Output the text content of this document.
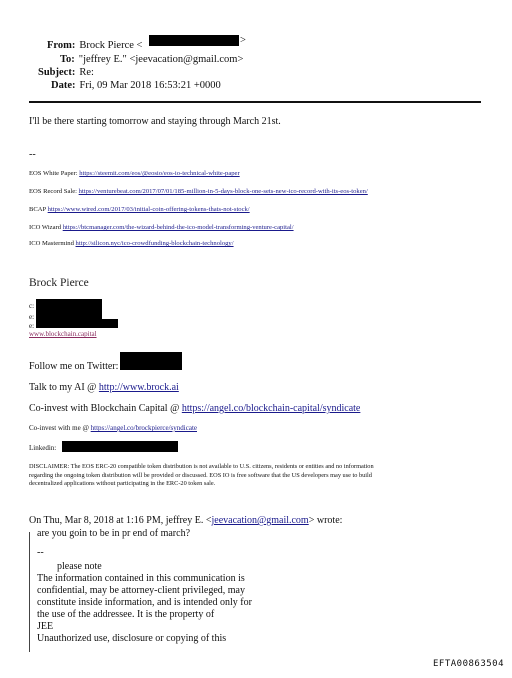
From: Brock Pierce <	>
To: "jeffrey E." <jeevacation@gmail.com>
Subject: Re:
Date: Fri, 09 Mar 2018 16:53:21 +0000
I'll be there starting tomorrow and staying through March 21st.
--
EOS White Paper: https://steemit.com/eos/@eosio/eos-io-technical-white-paper
EOS Record Sale: https://venturebeat.com/2017/07/01/185-million-in-5-days-block-one-sets-new-ico-record-with-its-eos-token/
BCAP https://www.wired.com/2017/03/initial-coin-offering-tokens-thats-not-stock/
ICO Wizard https://btcmanager.com/the-wizard-behind-the-ico-model-transforming-venture-capital/
ICO Mastermind http://silicon.nyc/ico-crowdfunding-blockchain-technology/
Brock Pierce
c:
e:
e:
www.blockchain.capital
Follow me on Twitter:
Talk to my AI @ http://www.brock.ai
Co-invest with Blockchain Capital @ https://angel.co/blockchain-capital/syndicate
Co-invest with me @ https://angel.co/brockpierce/syndicate
Linkedin:
DISCLAIMER: The EOS ERC-20 compatible token distribution is not available to U.S. citizens, residents or entities and no information
regarding the ongoing token distribution will be provided or discussed. EOS IO is free software that the US developers may use to build
decentralized applications without participating in the ERC-20 token sale.
On Thu, Mar 8, 2018 at 1:16 PM, jeffrey E. <jeevacation@gmail.com> wrote:
are you goin to be in pr end of march?
--
please note
The information contained in this communication is
confidential, may be attorney-client privileged, may
constitute inside information, and is intended only for
the use of the addressee. It is the property of
JEE
Unauthorized use, disclosure or copying of this
EFTA00863504
